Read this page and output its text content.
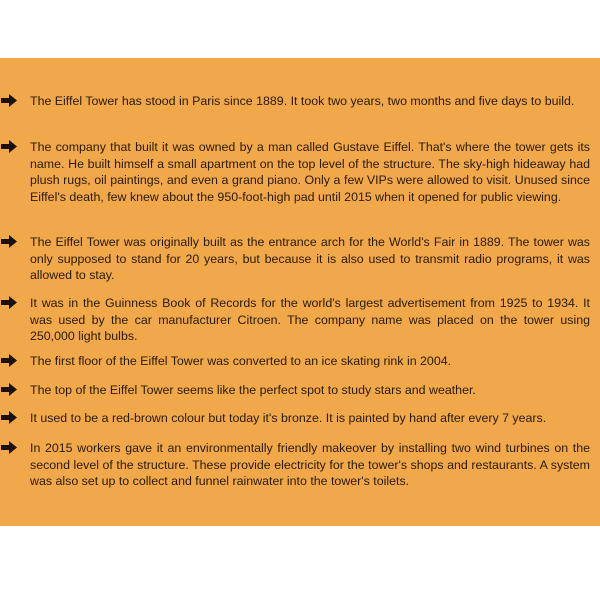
The Eiffel Tower has stood in Paris since 1889. It took two years, two months and five days to build.

The company that built it was owned by a man called Gustave Eiffel. That's where the tower gets its name. He built himself a small apartment on the top level of the structure. The sky-high hideaway had plush rugs, oil paintings, and even a grand piano. Only a few VIPs were allowed to visit. Unused since Eiffel's death, few knew about the 950-foot-high pad until 2015 when it opened for public viewing.

The Eiffel Tower was originally built as the entrance arch for the World's Fair in 1889. The tower was only supposed to stand for 20 years, but because it is also used to transmit radio programs, it was allowed to stay.

It was in the Guinness Book of Records for the world's largest advertisement from 1925 to 1934. It was used by the car manufacturer Citroen. The company name was placed on the tower using 250,000 light bulbs.

The first floor of the Eiffel Tower was converted to an ice skating rink in 2004.

The top of the Eiffel Tower seems like the perfect spot to study stars and weather.

It used to be a red-brown colour but today it's bronze. It is painted by hand after every 7 years.

In 2015 workers gave it an environmentally friendly makeover by installing two wind turbines on the second level of the structure. These provide electricity for the tower's shops and restaurants. A system was also set up to collect and funnel rainwater into the tower's toilets.
